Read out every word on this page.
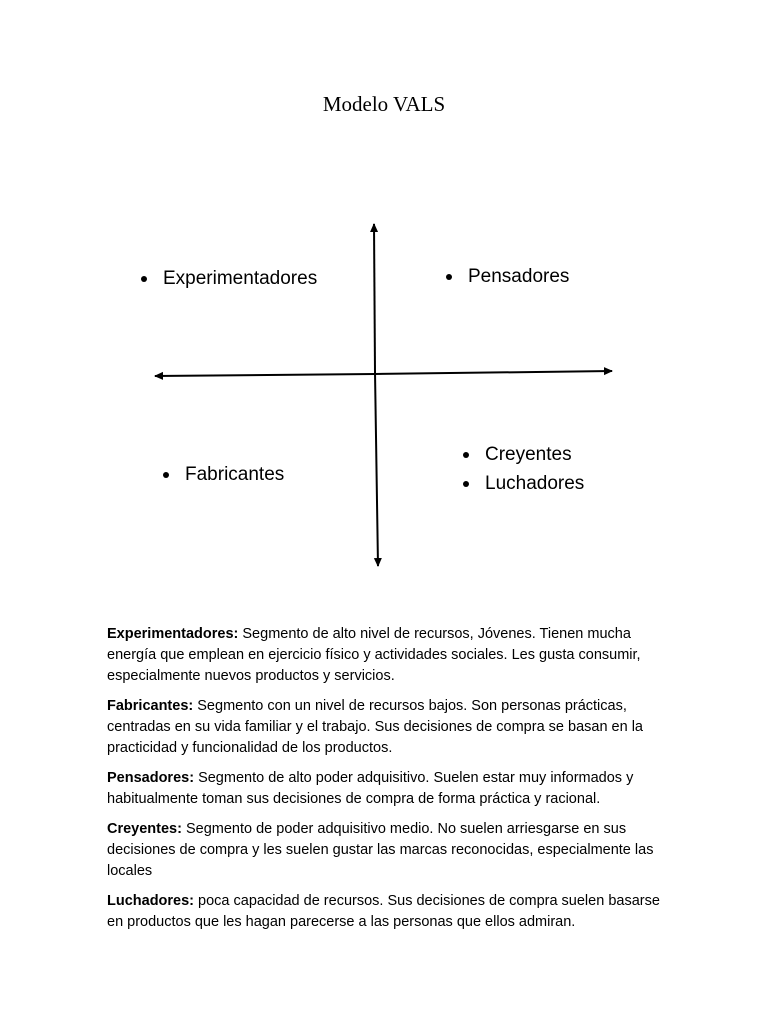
Modelo VALS
Experimentadores	Pensadores
Fabricantes
Creyentes
Luchadores

Experimentadores: Segmento de alto nivel de recursos, Jóvenes. Tienen mucha energía que emplean en ejercicio físico y actividades sociales. Les gusta consumir, especialmente nuevos productos y servicios.

Fabricantes: Segmento con un nivel de recursos bajos. Son personas prácticas, centradas en su vida familiar y el trabajo. Sus decisiones de compra se basan en la practicidad y funcionalidad de los productos.

Pensadores: Segmento de alto poder adquisitivo. Suelen estar muy informados y habitualmente toman sus decisiones de compra de forma práctica y racional.

Creyentes: Segmento de poder adquisitivo medio. No suelen arriesgarse en sus decisiones de compra y les suelen gustar las marcas reconocidas, especialmente las locales

Luchadores: poca capacidad de recursos. Sus decisiones de compra suelen basarse en productos que les hagan parecerse a las personas que ellos admiran.
